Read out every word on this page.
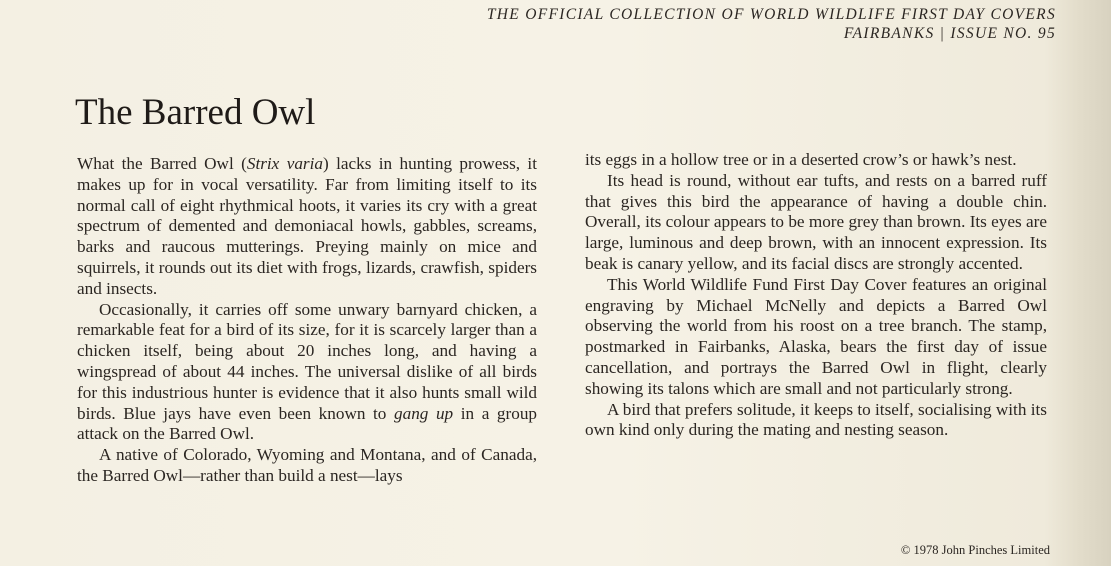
THE OFFICIAL COLLECTION OF WORLD WILDLIFE FIRST DAY COVERS
FAIRBANKS | ISSUE NO. 95
The Barred Owl

What the Barred Owl (Strix varia) lacks in hunting prowess, it makes up for in vocal versatility. Far from limiting itself to its normal call of eight rhythmical hoots, it varies its cry with a great spectrum of demented and demoniacal howls, gabbles, screams, barks and raucous mutterings. Preying mainly on mice and squirrels, it rounds out its diet with frogs, lizards, crawfish, spiders and insects.

Occasionally, it carries off some unwary barnyard chicken, a remarkable feat for a bird of its size, for it is scarcely larger than a chicken itself, being about 20 inches long, and having a wingspread of about 44 inches. The universal dislike of all birds for this industrious hunter is evidence that it also hunts small wild birds. Blue jays have even been known to gang up in a group attack on the Barred Owl.

A native of Colorado, Wyoming and Montana, and of Canada, the Barred Owl—rather than build a nest—lays

its eggs in a hollow tree or in a deserted crow’s or hawk’s nest.

Its head is round, without ear tufts, and rests on a barred ruff that gives this bird the appearance of having a double chin. Overall, its colour appears to be more grey than brown. Its eyes are large, luminous and deep brown, with an innocent expression. Its beak is canary yellow, and its facial discs are strongly accented.

This World Wildlife Fund First Day Cover features an original engraving by Michael McNelly and depicts a Barred Owl observing the world from his roost on a tree branch. The stamp, postmarked in Fairbanks, Alaska, bears the first day of issue cancellation, and portrays the Barred Owl in flight, clearly showing its talons which are small and not particularly strong.

A bird that prefers solitude, it keeps to itself, socialising with its own kind only during the mating and nesting season.

© 1978 John Pinches Limited
